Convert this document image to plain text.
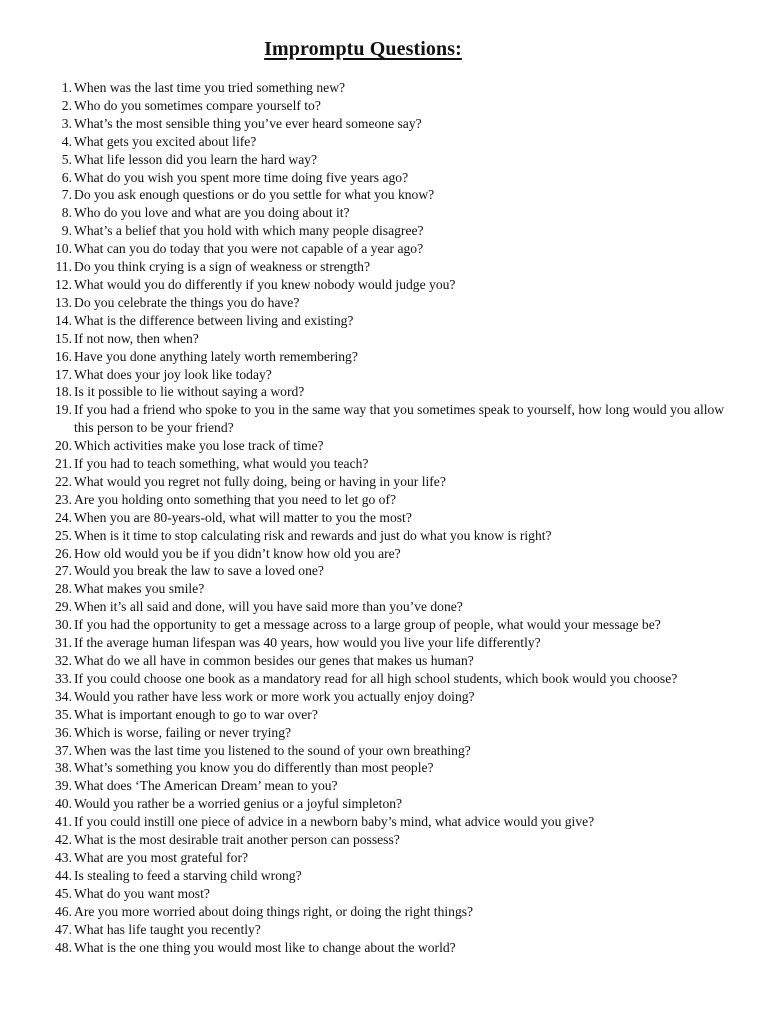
Impromptu Questions:
1. When was the last time you tried something new?
2. Who do you sometimes compare yourself to?
3. What’s the most sensible thing you’ve ever heard someone say?
4. What gets you excited about life?
5. What life lesson did you learn the hard way?
6. What do you wish you spent more time doing five years ago?
7. Do you ask enough questions or do you settle for what you know?
8. Who do you love and what are you doing about it?
9. What’s a belief that you hold with which many people disagree?
10. What can you do today that you were not capable of a year ago?
11. Do you think crying is a sign of weakness or strength?
12. What would you do differently if you knew nobody would judge you?
13. Do you celebrate the things you do have?
14. What is the difference between living and existing?
15. If not now, then when?
16. Have you done anything lately worth remembering?
17. What does your joy look like today?
18. Is it possible to lie without saying a word?
19. If you had a friend who spoke to you in the same way that you sometimes speak to yourself, how long would you allow this person to be your friend?
20. Which activities make you lose track of time?
21. If you had to teach something, what would you teach?
22. What would you regret not fully doing, being or having in your life?
23. Are you holding onto something that you need to let go of?
24. When you are 80-years-old, what will matter to you the most?
25. When is it time to stop calculating risk and rewards and just do what you know is right?
26. How old would you be if you didn’t know how old you are?
27. Would you break the law to save a loved one?
28. What makes you smile?
29. When it’s all said and done, will you have said more than you’ve done?
30. If you had the opportunity to get a message across to a large group of people, what would your message be?
31. If the average human lifespan was 40 years, how would you live your life differently?
32. What do we all have in common besides our genes that makes us human?
33. If you could choose one book as a mandatory read for all high school students, which book would you choose?
34. Would you rather have less work or more work you actually enjoy doing?
35. What is important enough to go to war over?
36. Which is worse, failing or never trying?
37. When was the last time you listened to the sound of your own breathing?
38. What’s something you know you do differently than most people?
39. What does ‘The American Dream’ mean to you?
40. Would you rather be a worried genius or a joyful simpleton?
41. If you could instill one piece of advice in a newborn baby’s mind, what advice would you give?
42. What is the most desirable trait another person can possess?
43. What are you most grateful for?
44. Is stealing to feed a starving child wrong?
45. What do you want most?
46. Are you more worried about doing things right, or doing the right things?
47. What has life taught you recently?
48. What is the one thing you would most like to change about the world?
